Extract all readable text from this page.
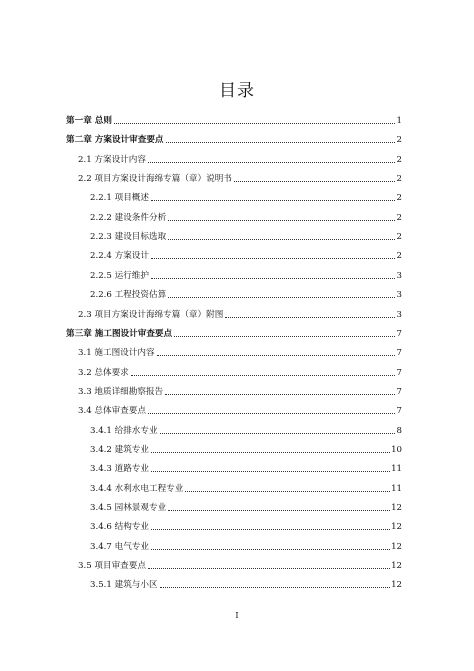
目录
第一章 总则	1
第二章 方案设计审查要点	2
2.1 方案设计内容	2
2.2 项目方案设计海绵专篇（章）说明书	2
2.2.1 项目概述	2
2.2.2 建设条件分析	2
2.2.3 建设目标选取	2
2.2.4 方案设计	2
2.2.5 运行维护	3
2.2.6 工程投资估算	3
2.3 项目方案设计海绵专篇（章）附图	3
第三章 施工图设计审查要点	7
3.1 施工图设计内容	7
3.2 总体要求	7
3.3 地质详细勘察报告	7
3.4 总体审查要点	7
3.4.1 给排水专业	8
3.4.2 建筑专业	10
3.4.3 道路专业	11
3.4.4 水利水电工程专业	11
3.4.5 园林景观专业	12
3.4.6 结构专业	12
3.4.7 电气专业	12
3.5 项目审查要点	12
3.5.1 建筑与小区	12
I
